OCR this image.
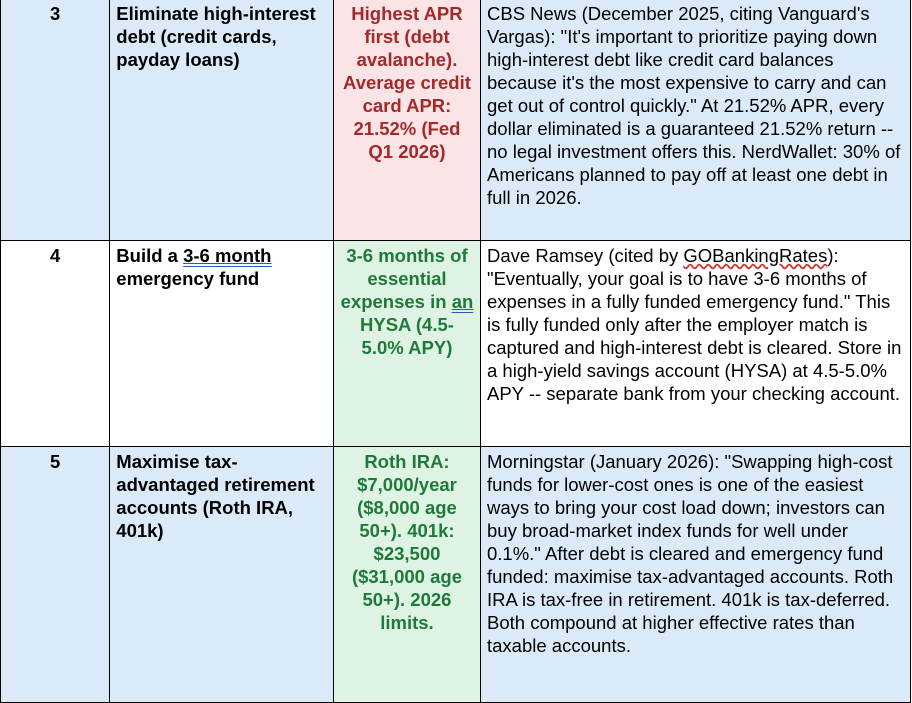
3	Eliminate high-interest debt (credit cards, payday loans)	Highest APR first (debt avalanche). Average credit card APR: 21.52% (Fed Q1 2026)	CBS News (December 2025, citing Vanguard's Vargas): "It's important to prioritize paying down high-interest debt like credit card balances because it's the most expensive to carry and can get out of control quickly." At 21.52% APR, every dollar eliminated is a guaranteed 21.52% return -- no legal investment offers this. NerdWallet: 30% of Americans planned to pay off at least one debt in full in 2026.
4	Build a 3-6 month emergency fund	3-6 months of essential expenses in an HYSA (4.5-5.0% APY)	Dave Ramsey (cited by GOBankingRates): "Eventually, your goal is to have 3-6 months of expenses in a fully funded emergency fund." This is fully funded only after the employer match is captured and high-interest debt is cleared. Store in a high-yield savings account (HYSA) at 4.5-5.0% APY -- separate bank from your checking account.
5	Maximise tax-advantaged retirement accounts (Roth IRA, 401k)	Roth IRA: $7,000/year ($8,000 age 50+). 401k: $23,500 ($31,000 age 50+). 2026 limits.	Morningstar (January 2026): "Swapping high-cost funds for lower-cost ones is one of the easiest ways to bring your cost load down; investors can buy broad-market index funds for well under 0.1%." After debt is cleared and emergency fund funded: maximise tax-advantaged accounts. Roth IRA is tax-free in retirement. 401k is tax-deferred. Both compound at higher effective rates than taxable accounts.
